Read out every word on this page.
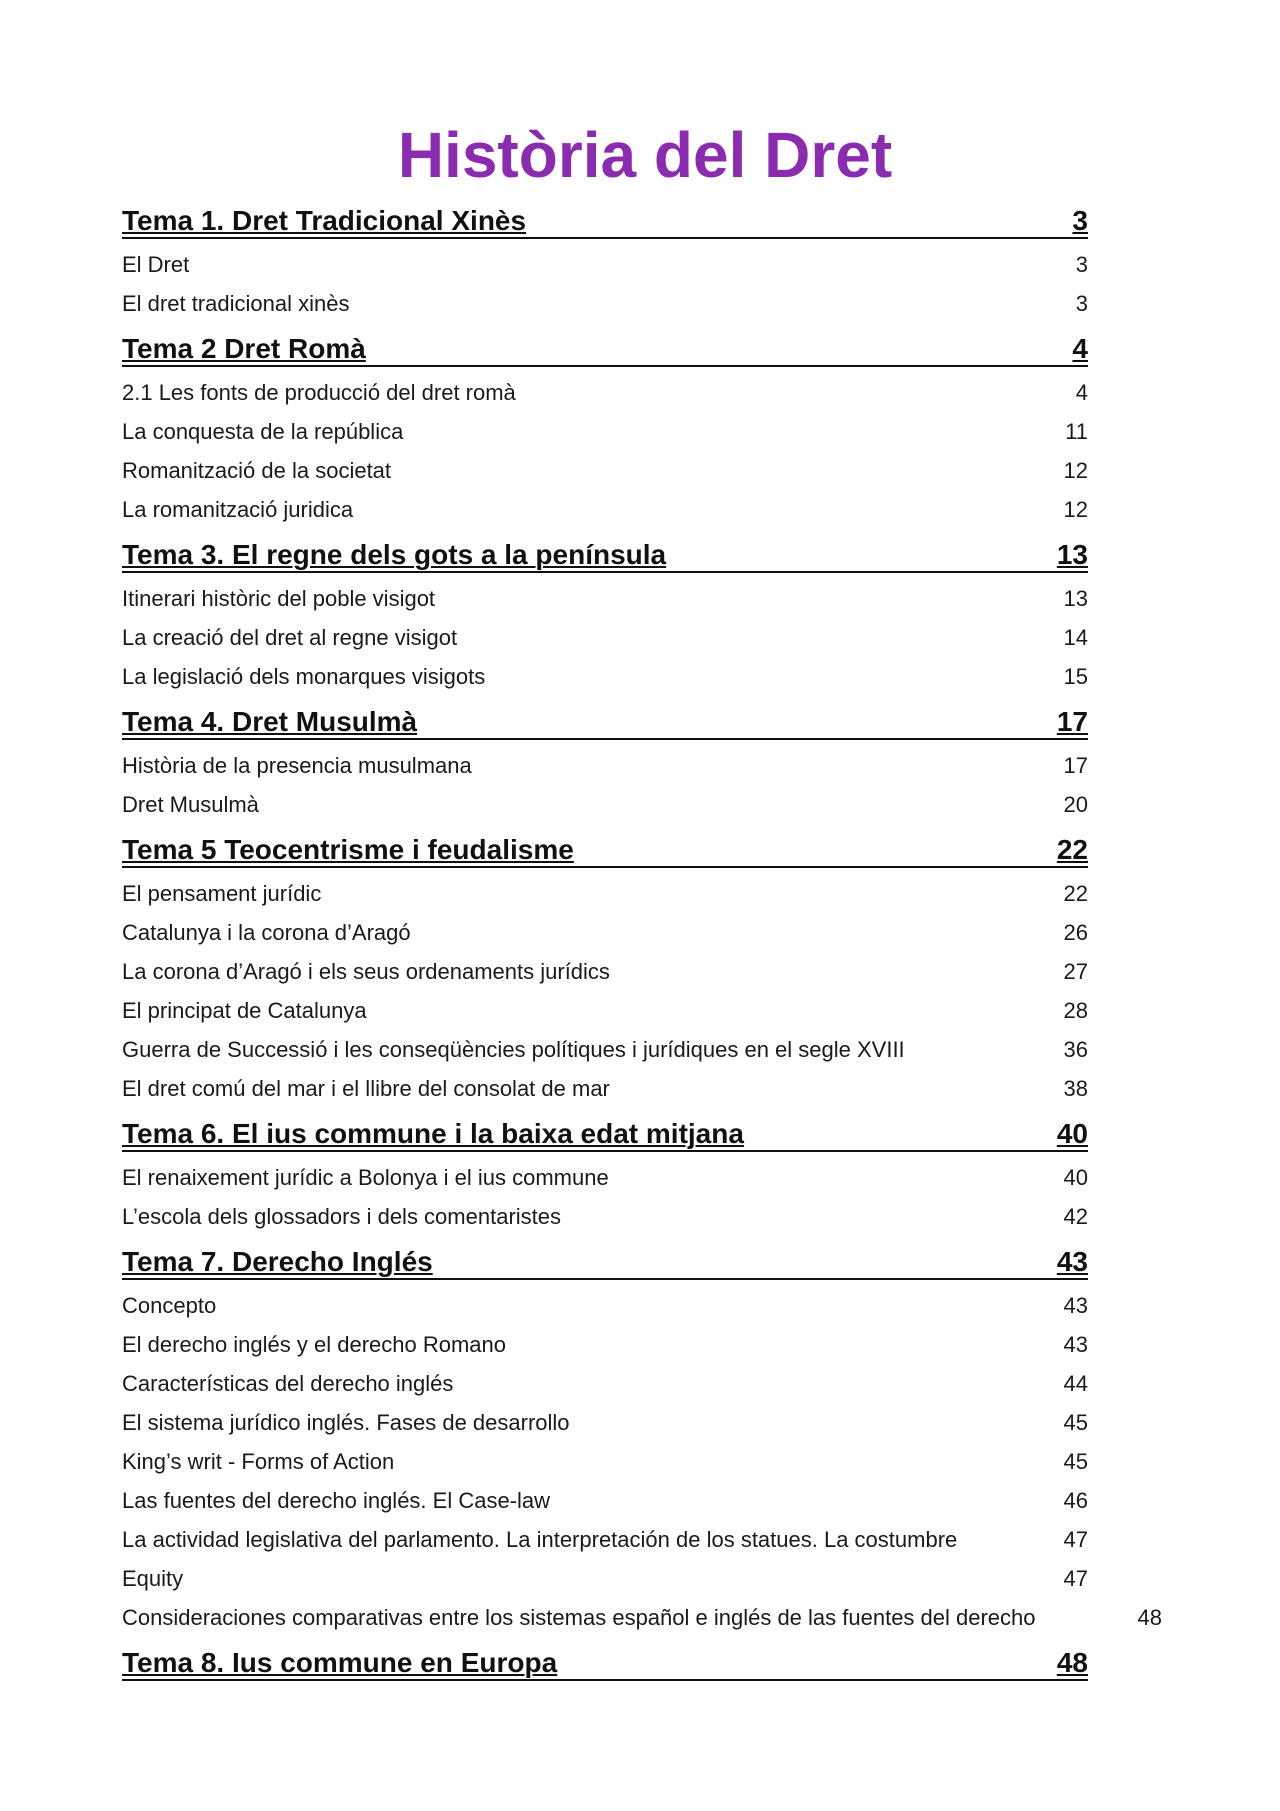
Història del Dret
Tema 1. Dret Tradicional Xinès	3
El Dret	3
El dret tradicional xinès	3
Tema 2 Dret Romà	4
2.1 Les fonts de producció del dret romà	4
La conquesta de la república	11
Romanització de la societat	12
La romanització juridica	12
Tema 3. El regne dels gots a la península	13
Itinerari històric del poble visigot	13
La creació del dret al regne visigot	14
La legislació dels monarques visigots	15
Tema 4. Dret Musulmà	17
Història de la presencia musulmana	17
Dret Musulmà	20
Tema 5 Teocentrisme i feudalisme	22
El pensament jurídic	22
Catalunya i la corona d’Aragó	26
La corona d’Aragó i els seus ordenaments jurídics	27
El principat de Catalunya	28
Guerra de Successió i les conseqüències polítiques i jurídiques en el segle XVIII	36
El dret comú del mar i el llibre del consolat de mar	38
Tema 6. El ius commune i la baixa edat mitjana	40
El renaixement jurídic a Bolonya i el ius commune	40
L’escola dels glossadors i dels comentaristes	42
Tema 7. Derecho Inglés	43
Concepto	43
El derecho inglés y el derecho Romano	43
Características del derecho inglés	44
El sistema jurídico inglés. Fases de desarrollo	45
King’s writ - Forms of Action	45
Las fuentes del derecho inglés. El Case-law	46
La actividad legislativa del parlamento. La interpretación de los statues. La costumbre	47
Equity	47
Consideraciones comparativas entre los sistemas español e inglés de las fuentes del derecho	48
Tema 8. Ius commune en Europa	48
